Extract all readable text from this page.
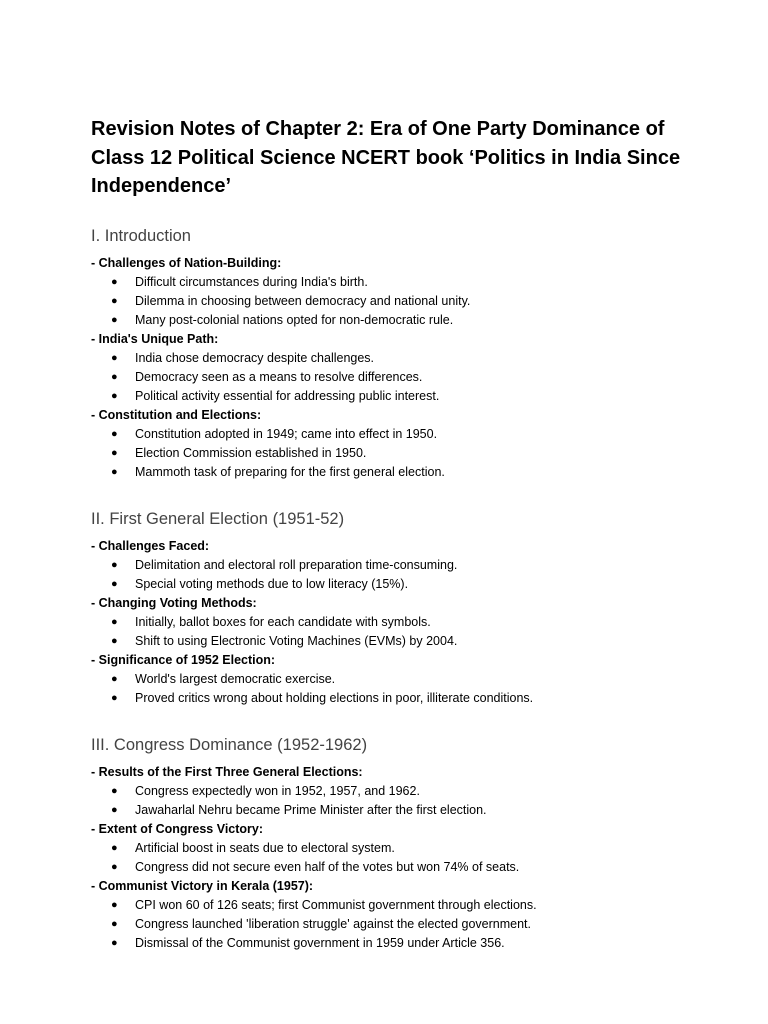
Revision Notes of Chapter 2: Era of One Party Dominance of Class 12 Political Science NCERT book ‘Politics in India Since Independence’
I. Introduction

- Challenges of Nation-Building:

● Difficult circumstances during India's birth.
● Dilemma in choosing between democracy and national unity.
● Many post-colonial nations opted for non-democratic rule.

- India's Unique Path:

● India chose democracy despite challenges.
● Democracy seen as a means to resolve differences.
● Political activity essential for addressing public interest.

- Constitution and Elections:

● Constitution adopted in 1949; came into effect in 1950.
● Election Commission established in 1950.
● Mammoth task of preparing for the first general election.
II. First General Election (1951-52)

- Challenges Faced:

● Delimitation and electoral roll preparation time-consuming.
● Special voting methods due to low literacy (15%).

- Changing Voting Methods:

● Initially, ballot boxes for each candidate with symbols.
● Shift to using Electronic Voting Machines (EVMs) by 2004.

- Significance of 1952 Election:

● World's largest democratic exercise.
● Proved critics wrong about holding elections in poor, illiterate conditions.
III. Congress Dominance (1952-1962)

- Results of the First Three General Elections:

● Congress expectedly won in 1952, 1957, and 1962.
● Jawaharlal Nehru became Prime Minister after the first election.

- Extent of Congress Victory:

● Artificial boost in seats due to electoral system.
● Congress did not secure even half of the votes but won 74% of seats.

- Communist Victory in Kerala (1957):

● CPI won 60 of 126 seats; first Communist government through elections.
● Congress launched 'liberation struggle' against the elected government.
● Dismissal of the Communist government in 1959 under Article 356.
